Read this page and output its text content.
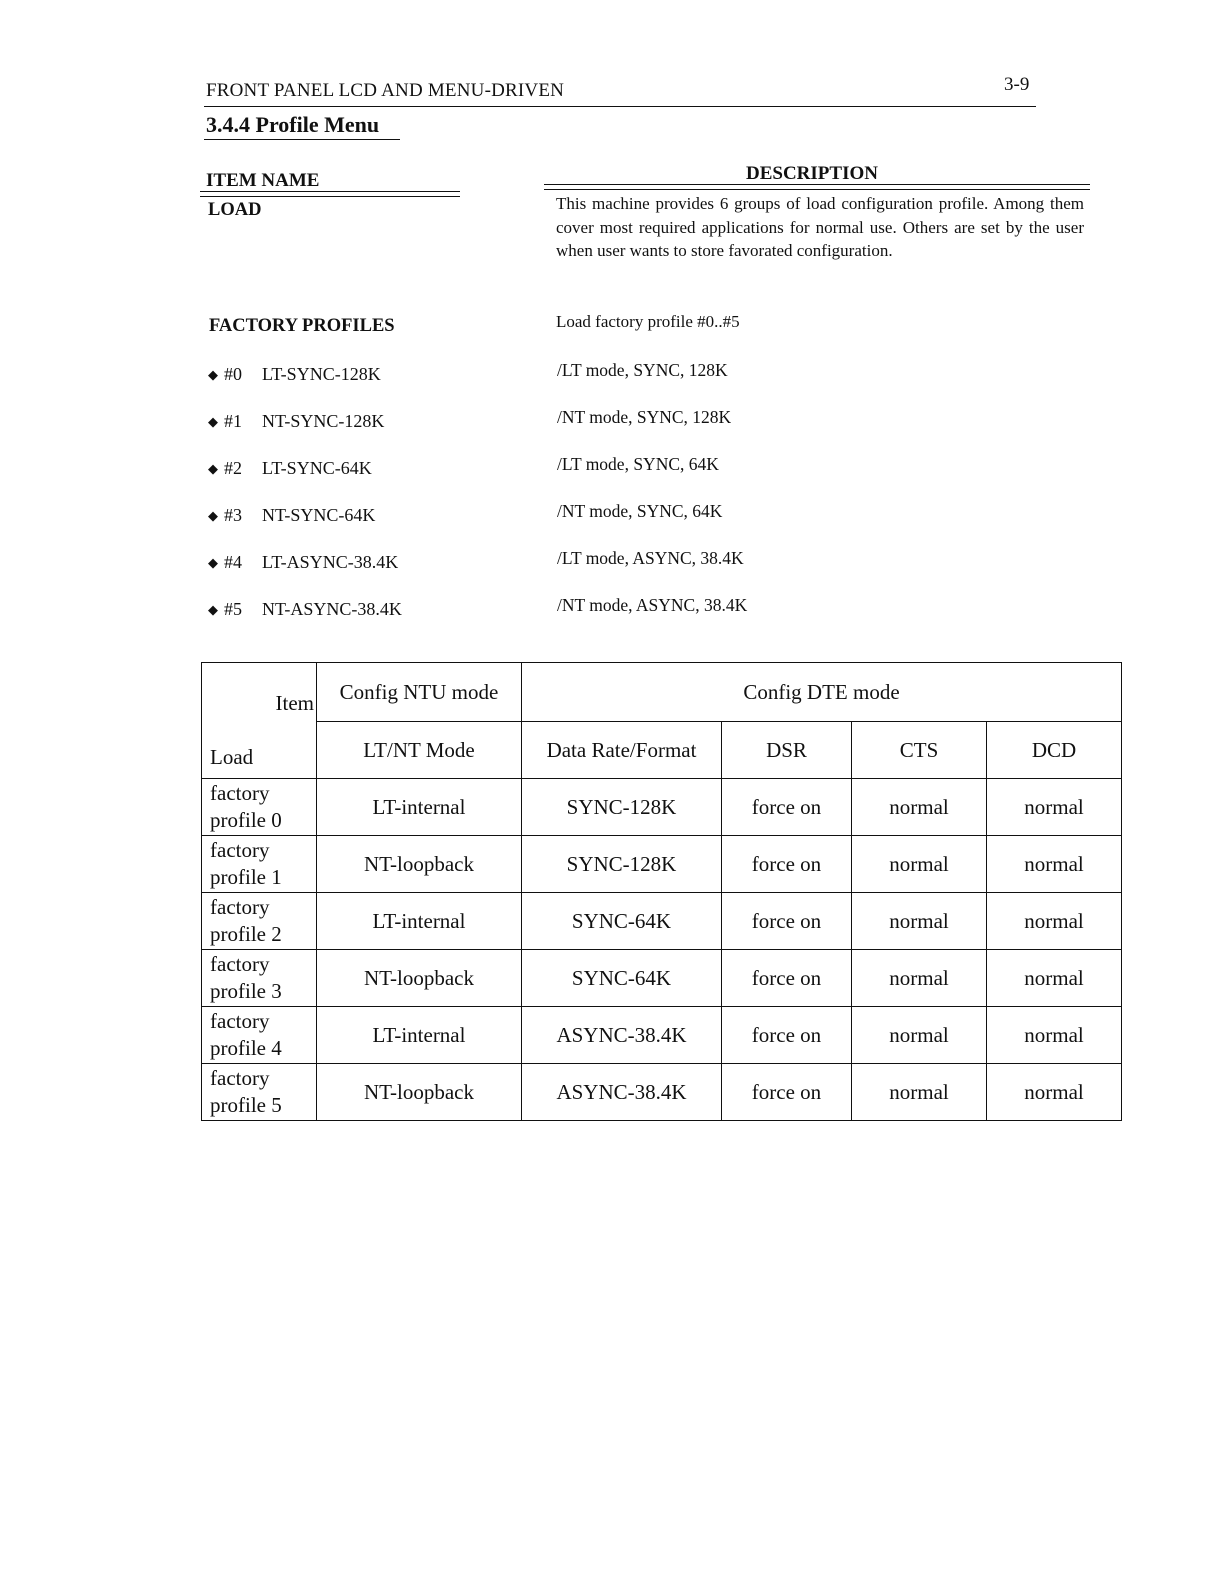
FRONT PANEL LCD AND MENU-DRIVEN	3-9
3.4.4 Profile Menu
ITEM NAME	DESCRIPTION
LOAD	This machine provides 6 groups of load configuration profile. Among them cover most required applications for normal use. Others are set by the user when user wants to store favorated configuration.
FACTORY PROFILES	Load factory profile #0..#5
◆ #0	LT-SYNC-128K	/LT mode, SYNC, 128K
◆ #1	NT-SYNC-128K	/NT mode, SYNC, 128K
◆ #2	LT-SYNC-64K	/LT mode, SYNC, 64K
◆ #3	NT-SYNC-64K	/NT mode, SYNC, 64K
◆ #4	LT-ASYNC-38.4K	/LT mode, ASYNC, 38.4K
◆ #5	NT-ASYNC-38.4K	/NT mode, ASYNC, 38.4K
Item
Load	Config NTU mode	Config DTE mode			
	LT/NT Mode	Data Rate/Format	DSR	CTS	DCD

factory
profile 0	LT-internal	SYNC-128K	force on	normal	normal

factory
profile 1	NT-loopback	SYNC-128K	force on	normal	normal

factory
profile 2	LT-internal	SYNC-64K	force on	normal	normal

factory
profile 3	NT-loopback	SYNC-64K	force on	normal	normal

factory
profile 4	LT-internal	ASYNC-38.4K	force on	normal	normal

factory
profile 5	NT-loopback	ASYNC-38.4K	force on	normal	normal
